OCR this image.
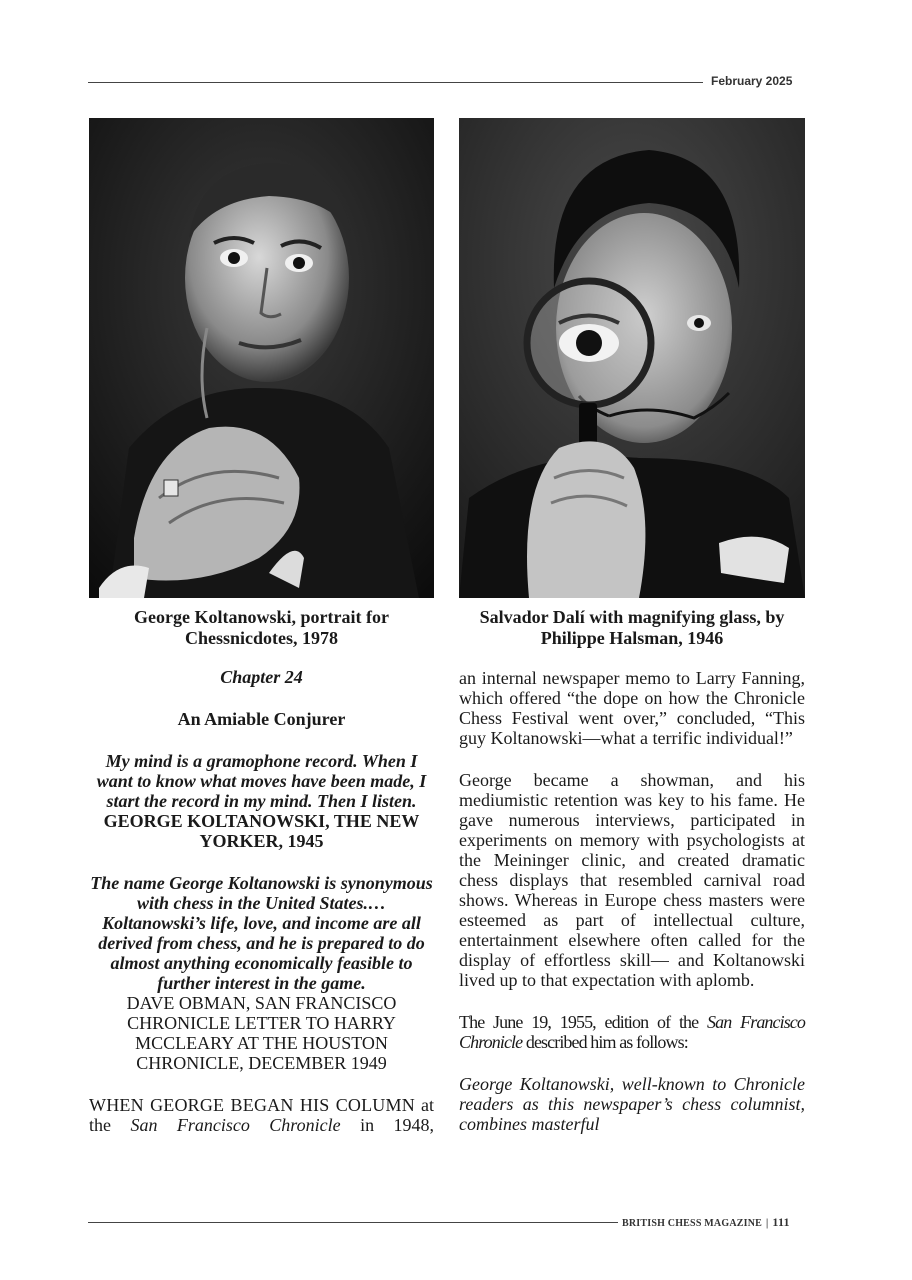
February 2025
George Koltanowski, portrait for Chessnicdotes, 1978
Salvador Dalí with magnifying glass, by Philippe Halsman, 1946

Chapter 24

An Amiable Conjurer

My mind is a gramophone record. When I want to know what moves have been made, I start the record in my mind. Then I listen.

GEORGE KOLTANOWSKI, THE NEW YORKER, 1945

The name George Koltanowski is synonymous with chess in the United States.… Koltanowski’s life, love, and income are all derived from chess, and he is prepared to do almost anything economically feasible to further interest in the game.

DAVE OBMAN, SAN FRANCISCO CHRONICLE LETTER TO HARRY MCCLEARY AT THE HOUSTON CHRONICLE, DECEMBER 1949

WHEN GEORGE BEGAN HIS COLUMN at the San Francisco Chronicle in 1948,

an internal newspaper memo to Larry Fanning, which offered “the dope on how the Chronicle Chess Festival went over,” concluded, “This guy Koltanowski—what a terrific individual!”

George became a showman, and his mediumistic retention was key to his fame. He gave numerous interviews, participated in experiments on memory with psychologists at the Meininger clinic, and created dramatic chess displays that resembled carnival road shows. Whereas in Europe chess masters were esteemed as part of intellectual culture, entertainment elsewhere often called for the display of effortless skill— and Koltanowski lived up to that expectation with aplomb.

The June 19, 1955, edition of the San Francisco Chronicle described him as follows:

George Koltanowski, well-known to Chronicle readers as this newspaper’s chess columnist, combines masterful

BRITISH CHESS MAGAZINE | 111
